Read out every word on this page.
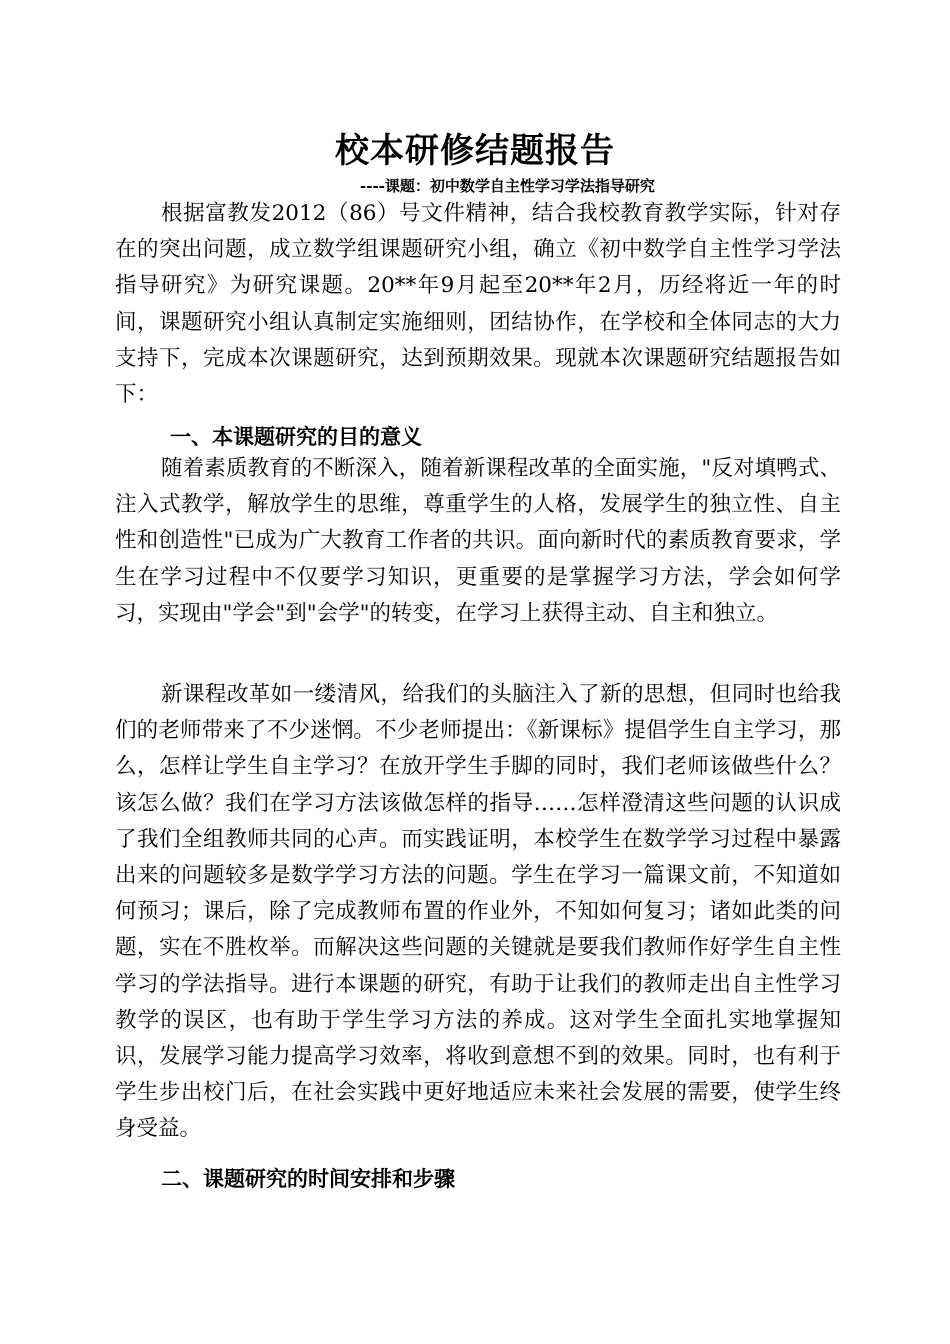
校本研修结题报告
----课题：初中数学自主性学习学法指导研究

根据富教发2012（86）号文件精神，结合我校教育教学实际，针对存在的突出问题，成立数学组课题研究小组，确立《初中数学自主性学习学法指导研究》为研究课题。20**年9月起至20**年2月，历经将近一年的时间，课题研究小组认真制定实施细则，团结协作，在学校和全体同志的大力支持下，完成本次课题研究，达到预期效果。现就本次课题研究结题报告如下：

一、本课题研究的目的意义

随着素质教育的不断深入，随着新课程改革的全面实施，"反对填鸭式、注入式教学，解放学生的思维，尊重学生的人格，发展学生的独立性、自主性和创造性"已成为广大教育工作者的共识。面向新时代的素质教育要求，学生在学习过程中不仅要学习知识，更重要的是掌握学习方法，学会如何学习，实现由"学会"到"会学"的转变，在学习上获得主动、自主和独立。

新课程改革如一缕清风，给我们的头脑注入了新的思想，但同时也给我们的老师带来了不少迷惘。不少老师提出：《新课标》提倡学生自主学习，那么，怎样让学生自主学习？在放开学生手脚的同时，我们老师该做些什么？该怎么做？我们在学习方法该做怎样的指导……怎样澄清这些问题的认识成了我们全组教师共同的心声。而实践证明，本校学生在数学学习过程中暴露出来的问题较多是数学学习方法的问题。学生在学习一篇课文前，不知道如何预习；课后，除了完成教师布置的作业外，不知如何复习；诸如此类的问题，实在不胜枚举。而解决这些问题的关键就是要我们教师作好学生自主性学习的学法指导。进行本课题的研究，有助于让我们的教师走出自主性学习教学的误区，也有助于学生学习方法的养成。这对学生全面扎实地掌握知识，发展学习能力提高学习效率，将收到意想不到的效果。同时，也有利于学生步出校门后，在社会实践中更好地适应未来社会发展的需要，使学生终身受益。

二、课题研究的时间安排和步骤
